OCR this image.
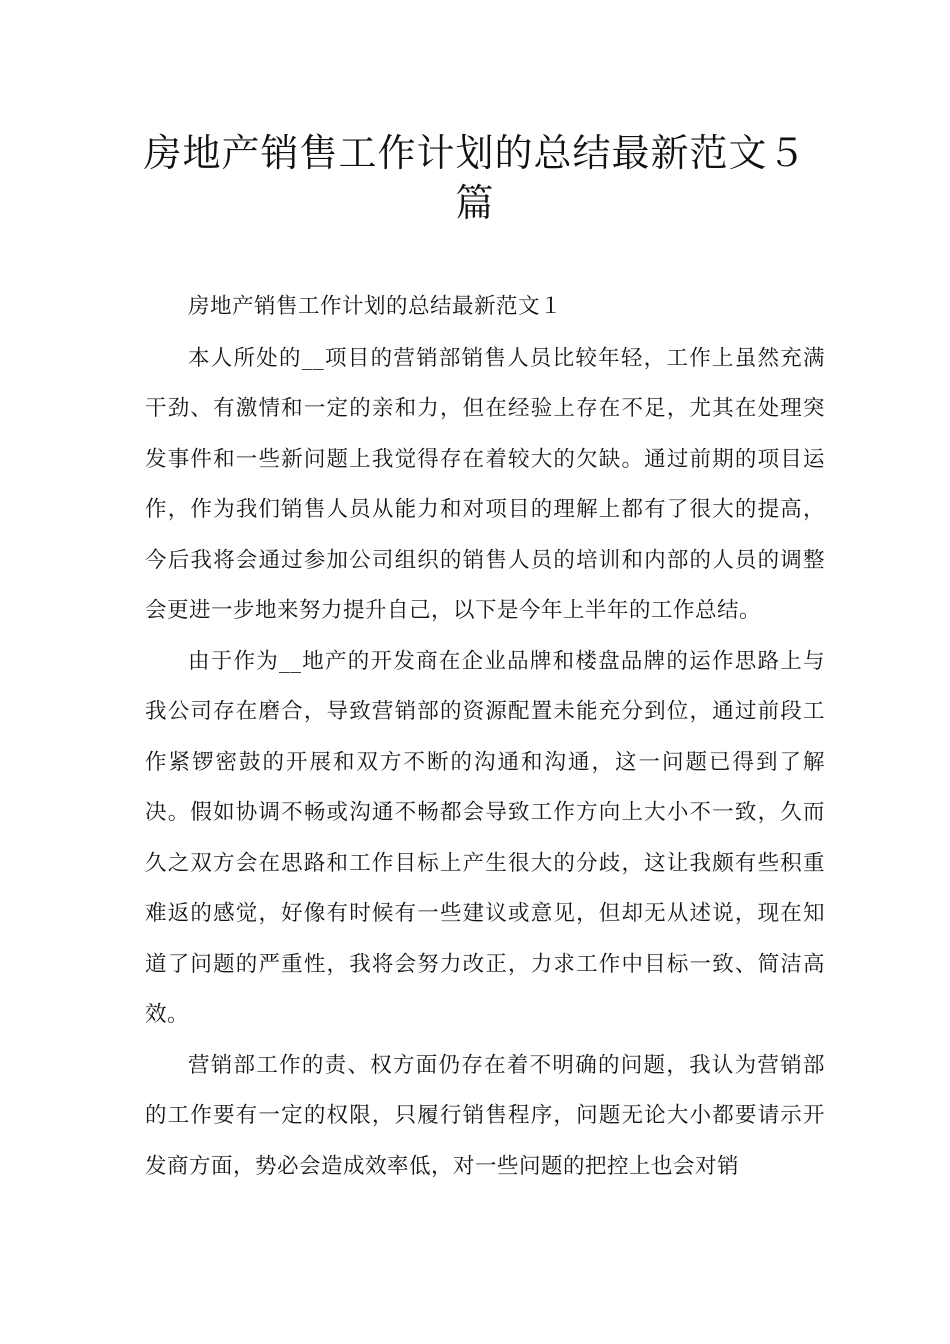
房地产销售工作计划的总结最新范文５篇

房地产销售工作计划的总结最新范文１

本人所处的__项目的营销部销售人员比较年轻，工作上虽然充满干劲、有激情和一定的亲和力，但在经验上存在不足，尤其在处理突发事件和一些新问题上我觉得存在着较大的欠缺。通过前期的项目运作，作为我们销售人员从能力和对项目的理解上都有了很大的提高，今后我将会通过参加公司组织的销售人员的培训和内部的人员的调整会更进一步地来努力提升自己，以下是今年上半年的工作总结。

由于作为__地产的开发商在企业品牌和楼盘品牌的运作思路上与我公司存在磨合，导致营销部的资源配置未能充分到位，通过前段工作紧锣密鼓的开展和双方不断的沟通和沟通，这一问题已得到了解决。假如协调不畅或沟通不畅都会导致工作方向上大小不一致，久而久之双方会在思路和工作目标上产生很大的分歧，这让我颇有些积重难返的感觉，好像有时候有一些建议或意见，但却无从述说，现在知道了问题的严重性，我将会努力改正，力求工作中目标一致、简洁高效。

营销部工作的责、权方面仍存在着不明确的问题，我认为营销部的工作要有一定的权限，只履行销售程序，问题无论大小都要请示开发商方面，势必会造成效率低，对一些问题的把控上也会对销
